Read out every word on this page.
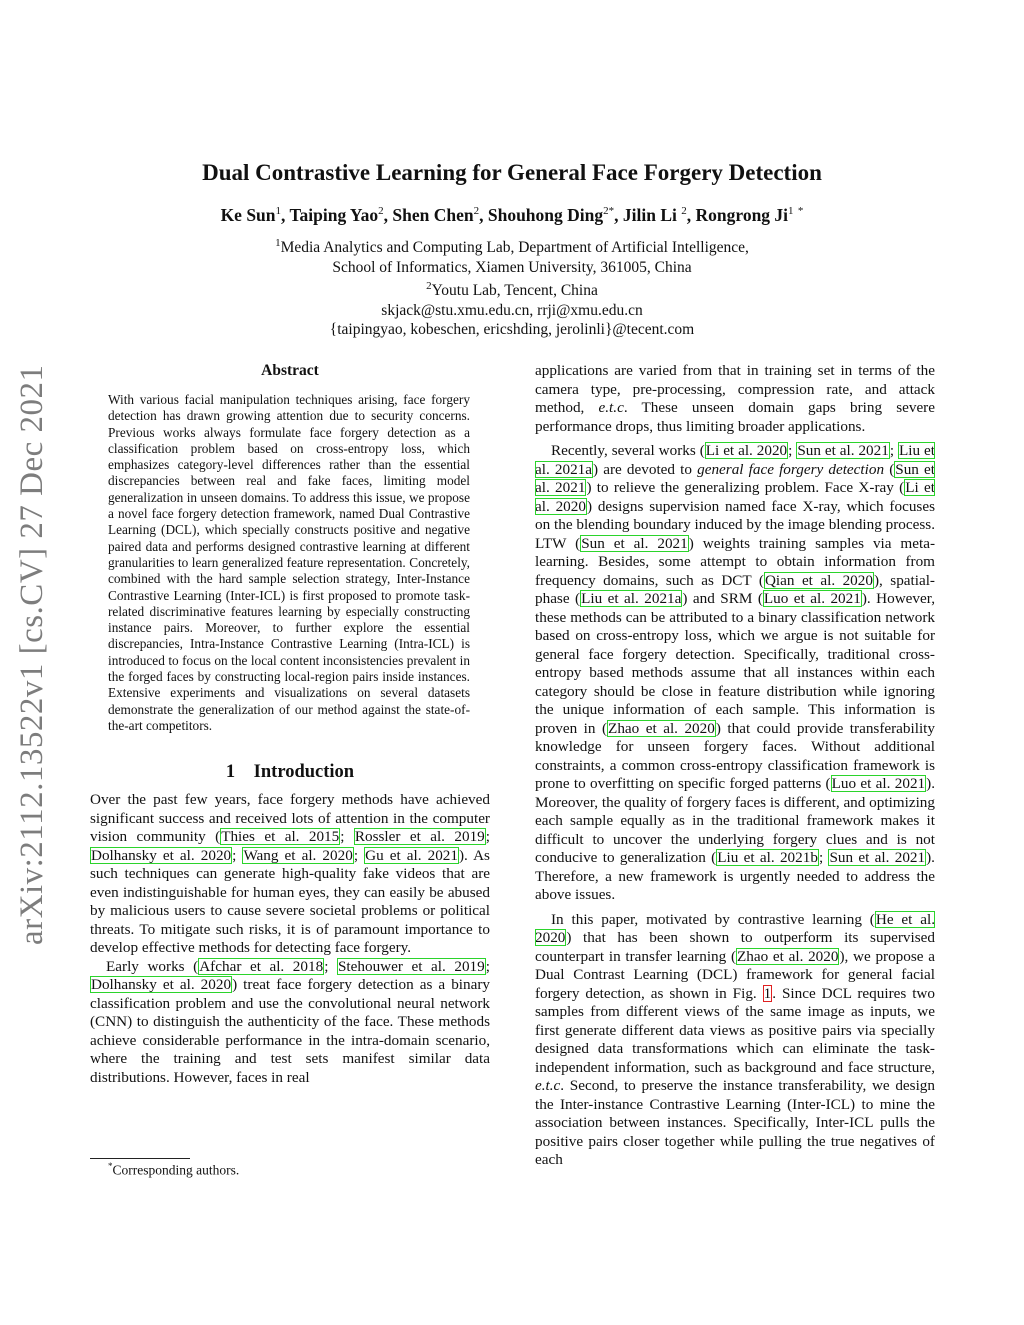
Dual Contrastive Learning for General Face Forgery Detection
Ke Sun$^1$, Taiping Yao$^2$, Shen Chen$^2$, Shouhong Ding$^{2*}$, Jilin Li $^2$, Rongrong Ji$^1$ *
$^1$Media Analytics and Computing Lab, Department of Artificial Intelligence,
School of Informatics, Xiamen University, 361005, China
$^2$Youtu Lab, Tencent, China
skjack@stu.xmu.edu.cn, rrji@xmu.edu.cn
{taipingyao, kobeschen, ericshding, jerolinli}@tecent.com
arXiv:2112.13522v1 [cs.CV] 27 Dec 2021	Abstract

With various facial manipulation techniques arising, face forgery detection has drawn growing attention due to security concerns. Previous works always formulate face forgery detection as a classification problem based on cross-entropy loss, which emphasizes category-level differences rather than the essential discrepancies between real and fake faces, limiting model generalization in unseen domains. To address this issue, we propose a novel face forgery detection framework, named Dual Contrastive Learning (DCL), which specially constructs positive and negative paired data and performs designed contrastive learning at different granularities to learn generalized feature representation. Concretely, combined with the hard sample selection strategy, Inter-Instance Contrastive Learning (Inter-ICL) is first proposed to promote task-related discriminative features learning by especially constructing instance pairs. Moreover, to further explore the essential discrepancies, Intra-Instance Contrastive Learning (Intra-ICL) is introduced to focus on the local content inconsistencies prevalent in the forged faces by constructing local-region pairs inside instances. Extensive experiments and visualizations on several datasets demonstrate the generalization of our method against the state-of-the-art competitors.

1 Introduction

Over the past few years, face forgery methods have achieved significant success and received lots of attention in the computer vision community (Thies et al. 2015; Rossler et al. 2019; Dolhansky et al. 2020; Wang et al. 2020; Gu et al. 2021). As such techniques can generate high-quality fake videos that are even indistinguishable for human eyes, they can easily be abused by malicious users to cause severe societal problems or political threats. To mitigate such risks, it is of paramount importance to develop effective methods for detecting face forgery.

Early works (Afchar et al. 2018; Stehouwer et al. 2019; Dolhansky et al. 2020) treat face forgery detection as a binary classification problem and use the convolutional neural network (CNN) to distinguish the authenticity of the face. These methods achieve considerable performance in the intra-domain scenario, where the training and test sets manifest similar data distributions. However, faces in real

applications are varied from that in training set in terms of the camera type, pre-processing, compression rate, and attack method, e.t.c. These unseen domain gaps bring severe performance drops, thus limiting broader applications.

Recently, several works (Li et al. 2020; Sun et al. 2021; Liu et al. 2021a) are devoted to general face forgery detection (Sun et al. 2021) to relieve the generalizing problem. Face X-ray (Li et al. 2020) designs supervision named face X-ray, which focuses on the blending boundary induced by the image blending process. LTW (Sun et al. 2021) weights training samples via meta-learning. Besides, some attempt to obtain information from frequency domains, such as DCT (Qian et al. 2020), spatial-phase (Liu et al. 2021a) and SRM (Luo et al. 2021). However, these methods can be attributed to a binary classification network based on cross-entropy loss, which we argue is not suitable for general face forgery detection. Specifically, traditional cross-entropy based methods assume that all instances within each category should be close in feature distribution while ignoring the unique information of each sample. This information is proven in (Zhao et al. 2020) that could provide transferability knowledge for unseen forgery faces. Without additional constraints, a common cross-entropy classification framework is prone to overfitting on specific forged patterns (Luo et al. 2021). Moreover, the quality of forgery faces is different, and optimizing each sample equally as in the traditional framework makes it difficult to uncover the underlying forgery clues and is not conducive to generalization (Liu et al. 2021b; Sun et al. 2021). Therefore, a new framework is urgently needed to address the above issues.

In this paper, motivated by contrastive learning (He et al. 2020) that has been shown to outperform its supervised counterpart in transfer learning (Zhao et al. 2020), we propose a Dual Contrast Learning (DCL) framework for general facial forgery detection, as shown in Fig. 1. Since DCL requires two samples from different views of the same image as inputs, we first generate different data views as positive pairs via specially designed data transformations which can eliminate the task-independent information, such as background and face structure, e.t.c. Second, to preserve the instance transferability, we design the Inter-instance Contrastive Learning (Inter-ICL) to mine the association between instances. Specifically, Inter-ICL pulls the positive pairs closer together while pulling the true negatives of each

*Corresponding authors.
